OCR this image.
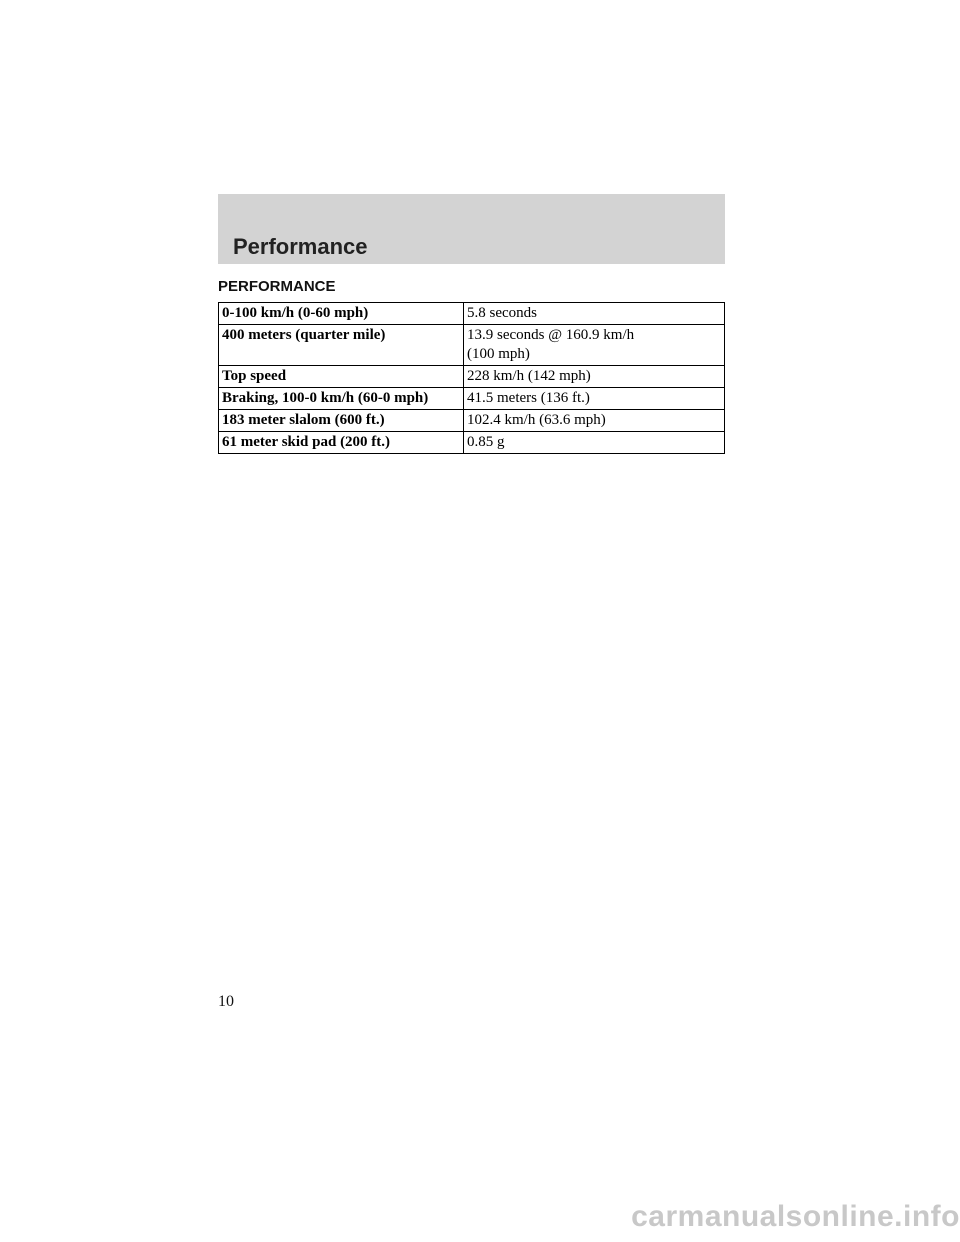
Performance
PERFORMANCE
0-100 km/h (0-60 mph)	5.8 seconds
400 meters (quarter mile)	13.9 seconds @ 160.9 km/h
(100 mph)
Top speed	228 km/h (142 mph)
Braking, 100-0 km/h (60-0 mph)	41.5 meters (136 ft.)
183 meter slalom (600 ft.)	102.4 km/h (63.6 mph)
61 meter skid pad (200 ft.)	0.85 g
10
carmanualsonline.info
